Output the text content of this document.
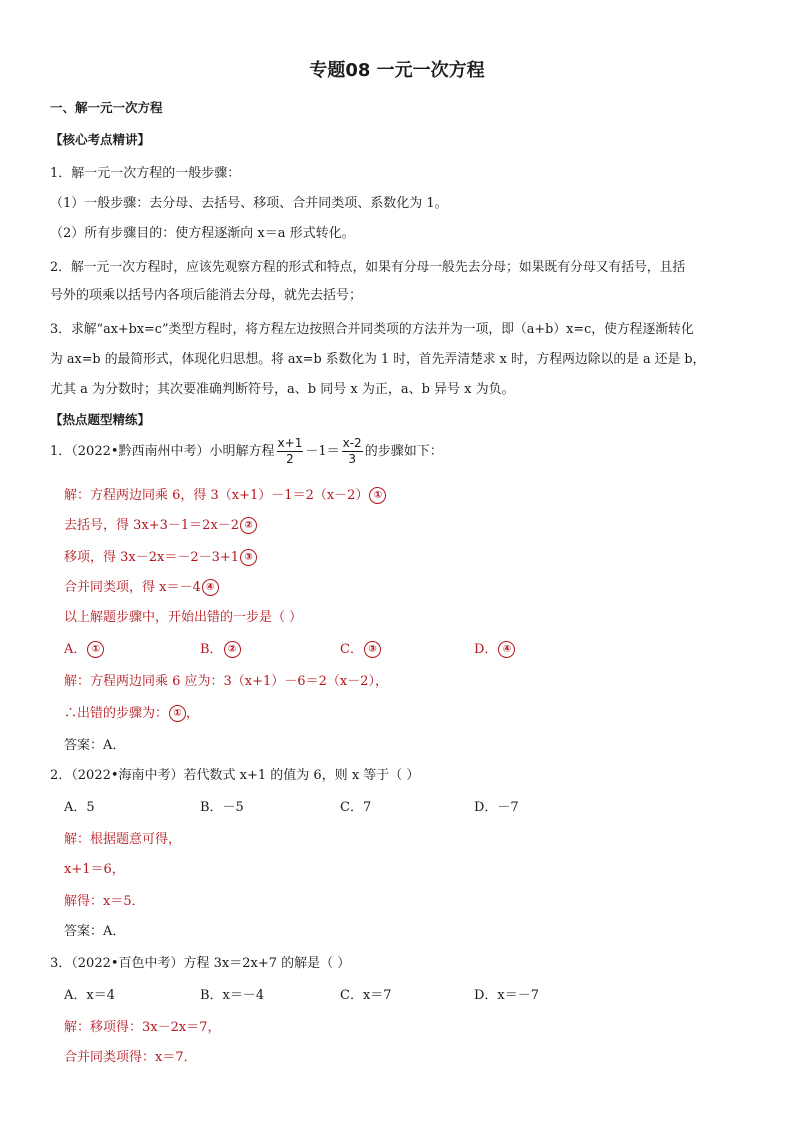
专题08 一元一次方程
一、解一元一次方程
【核心考点精讲】
1．解一元一次方程的一般步骤：
（1）一般步骤：去分母、去括号、移项、合并同类项、系数化为 1。
（2）所有步骤目的：使方程逐渐向 x＝a 形式转化。
2．解一元一次方程时，应该先观察方程的形式和特点，如果有分母一般先去分母；如果既有分母又有括号，且括
号外的项乘以括号内各项后能消去分母，就先去括号；
3．求解“ax+bx=c”类型方程时，将方程左边按照合并同类项的方法并为一项，即（a+b）x=c，使方程逐渐转化
为 ax=b 的最简形式，体现化归思想。将 ax=b 系数化为 1 时，首先弄清楚求 x 时，方程两边除以的是 a 还是 b，
尤其 a 为分数时；其次要准确判断符号，a、b 同号 x 为正，a、b 异号 x 为负。
【热点题型精练】
1．（2022•黔西南州中考）小明解方程 $\frac{x+1}{2} -1= \frac{x-2}{3}$ 的步骤如下：
解：方程两边同乘 6，得 3（x+1）－1＝2（x－2） ①
去括号，得 3x+3－1＝2x－2 ②
移项，得 3x－2x＝－2－3+1 ③
合并同类项，得 x＝－4 ④
以上解题步骤中，开始出错的一步是（ ）
A． ①	B． ②	C． ③	D． ④
解：方程两边同乘 6 应为：3（x+1）－6＝2（x－2），
∴出错的步骤为： ① ，
答案：A．
2．（2022•海南中考）若代数式 x+1 的值为 6，则 x 等于（ ）
A．5	B．－5	C．7	D．－7
解：根据题意可得，
x+1＝6，
解得：x＝5．
答案：A．
3．（2022•百色中考）方程 3x＝2x+7 的解是（ ）
A．x＝4	B．x＝－4	C．x＝7	D．x＝－7
解：移项得：3x－2x＝7，
合并同类项得：x＝7．
